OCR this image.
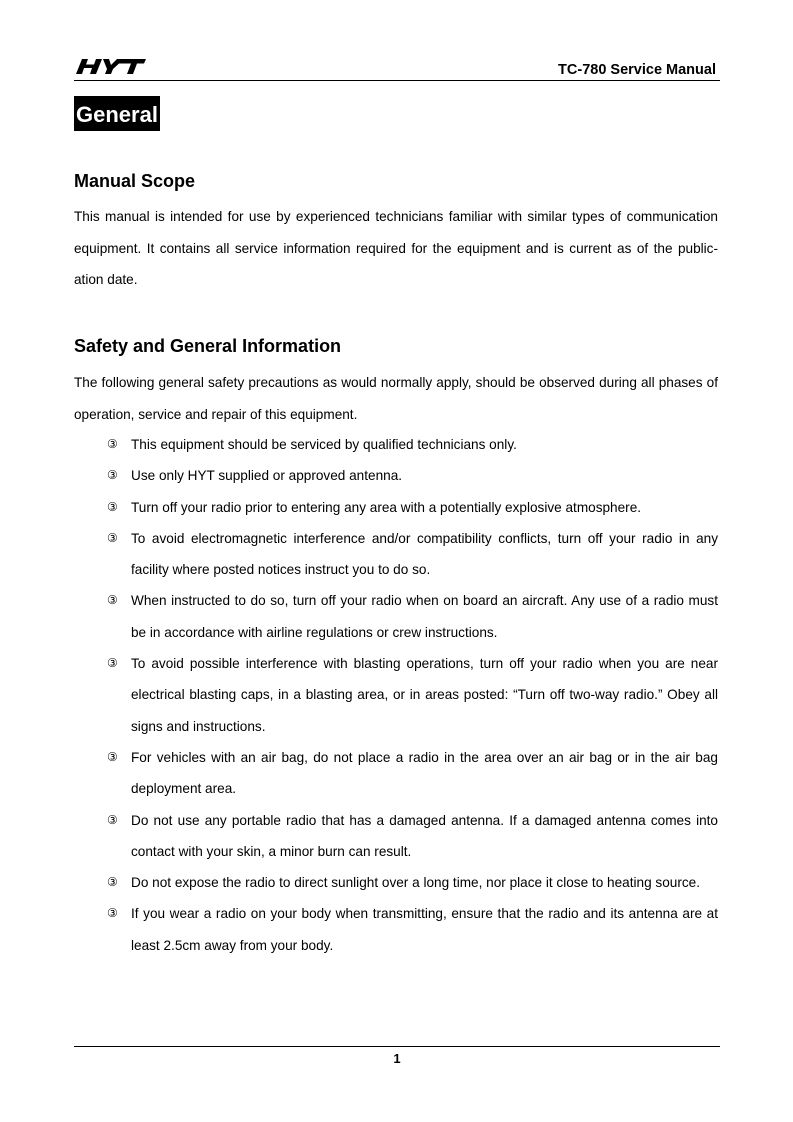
TC-780 Service Manual
General
Manual Scope

This manual is intended for use by experienced technicians familiar with similar types of communication equipment. It contains all service information required for the equipment and is current as of the public-ation date.

Safety and General Information

The following general safety precautions as would normally apply, should be observed during all phases of operation, service and repair of this equipment.

③ This equipment should be serviced by qualified technicians only.
③ Use only HYT supplied or approved antenna.
③ Turn off your radio prior to entering any area with a potentially explosive atmosphere.
③ To avoid electromagnetic interference and/or compatibility conflicts, turn off your radio in any facility where posted notices instruct you to do so.
③ When instructed to do so, turn off your radio when on board an aircraft. Any use of a radio must be in accordance with airline regulations or crew instructions.
③ To avoid possible interference with blasting operations, turn off your radio when you are near electrical blasting caps, in a blasting area, or in areas posted: “Turn off two-way radio.” Obey all signs and instructions.
③ For vehicles with an air bag, do not place a radio in the area over an air bag or in the air bag deployment area.
③ Do not use any portable radio that has a damaged antenna. If a damaged antenna comes into contact with your skin, a minor burn can result.
③ Do not expose the radio to direct sunlight over a long time, nor place it close to heating source.
③ If you wear a radio on your body when transmitting, ensure that the radio and its antenna are at least 2.5cm away from your body.
1
